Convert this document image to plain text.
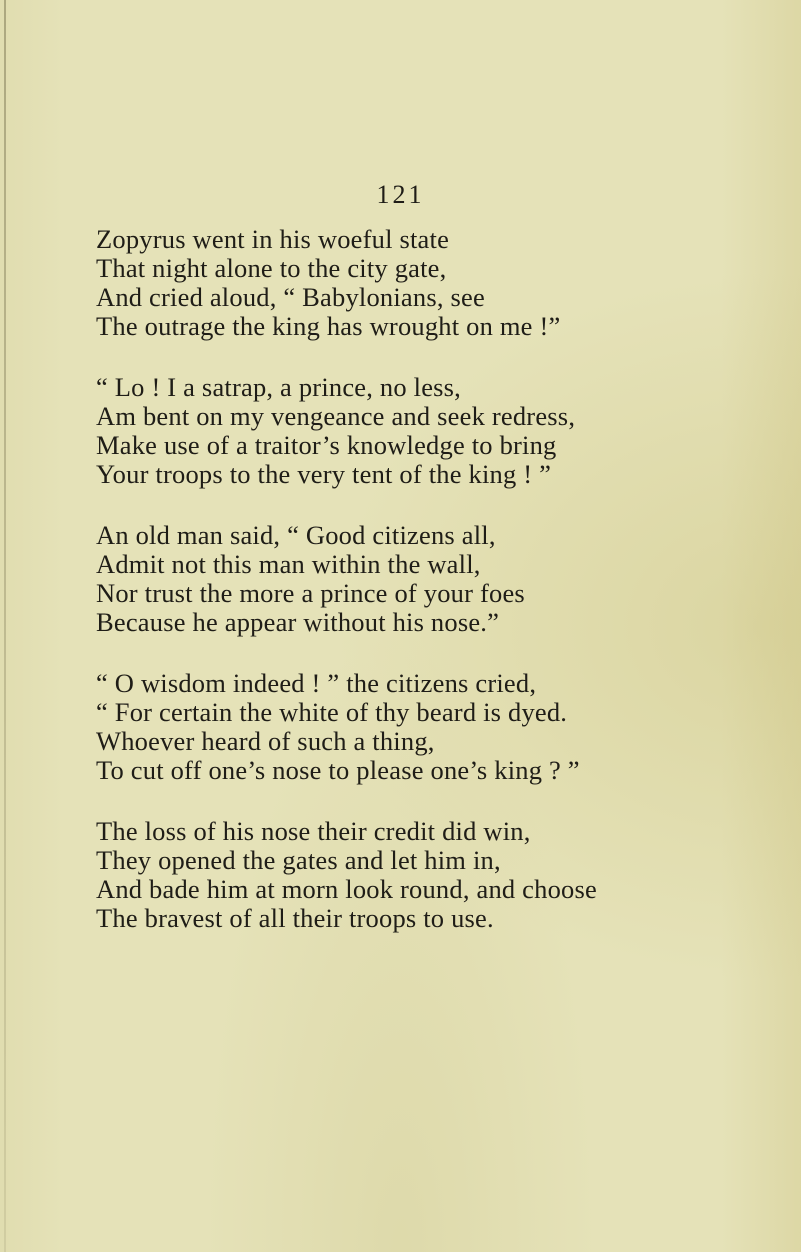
121
Zopyrus went in his woeful state
That night alone to the city gate,
And cried aloud, “ Babylonians, see
The outrage the king has wrought on me !”
“ Lo ! I a satrap, a prince, no less,
Am bent on my vengeance and seek redress,
Make use of a traitor’s knowledge to bring
Your troops to the very tent of the king ! ”
An old man said, “ Good citizens all,
Admit not this man within the wall,
Nor trust the more a prince of your foes
Because he appear without his nose.”
“ O wisdom indeed ! ” the citizens cried,
“ For certain the white of thy beard is dyed.
Whoever heard of such a thing,
To cut off one’s nose to please one’s king ? ”
The loss of his nose their credit did win,
They opened the gates and let him in,
And bade him at morn look round, and choose
The bravest of all their troops to use.
